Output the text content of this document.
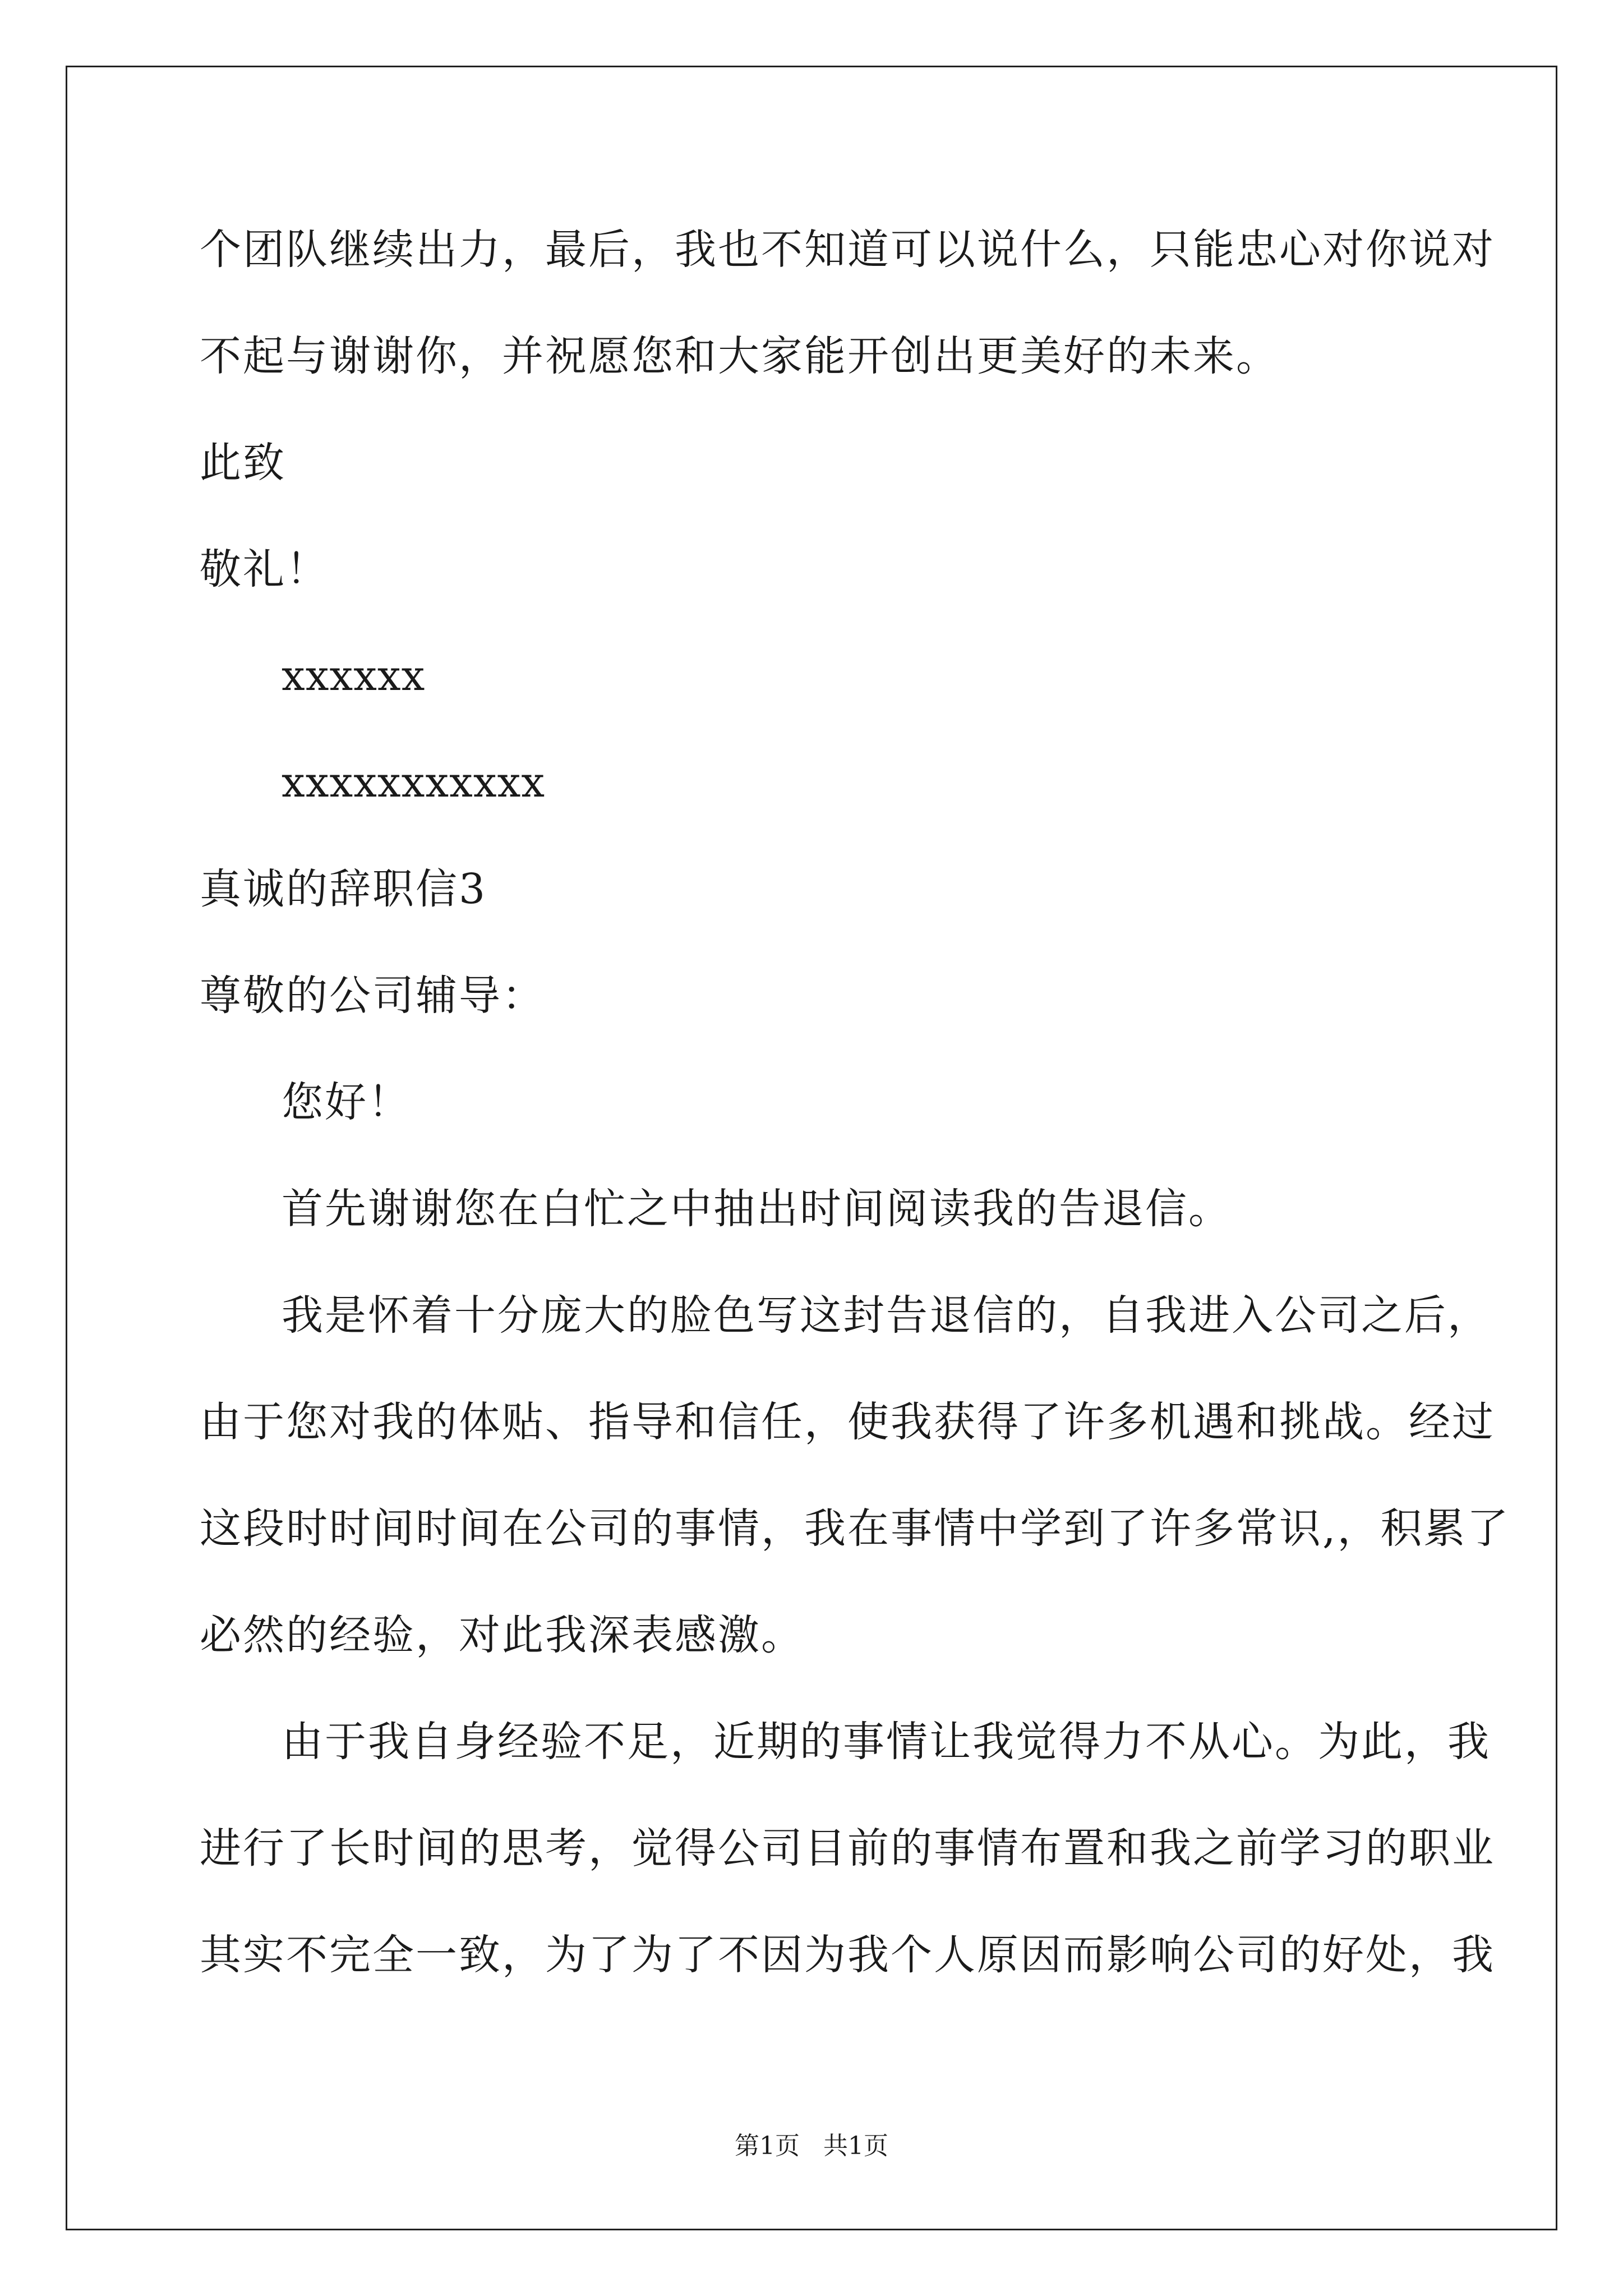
个团队继续出力，最后，我也不知道可以说什么，只能忠心对你说对
不起与谢谢你，并祝愿您和大家能开创出更美好的未来。
此致
敬礼！
xxxxxx
xxxxxxxxxxx
真诚的辞职信3
尊敬的公司辅导：
您好！
首先谢谢您在白忙之中抽出时间阅读我的告退信。
我是怀着十分庞大的脸色写这封告退信的，自我进入公司之后，
由于您对我的体贴、指导和信任，使我获得了许多机遇和挑战。经过
这段时时间时间在公司的事情，我在事情中学到了许多常识,，积累了
必然的经验，对此我深表感激。
由于我自身经验不足，近期的事情让我觉得力不从心。为此，我
进行了长时间的思考，觉得公司目前的事情布置和我之前学习的职业
其实不完全一致，为了为了不因为我个人原因而影响公司的好处，我
第1页   共1页
